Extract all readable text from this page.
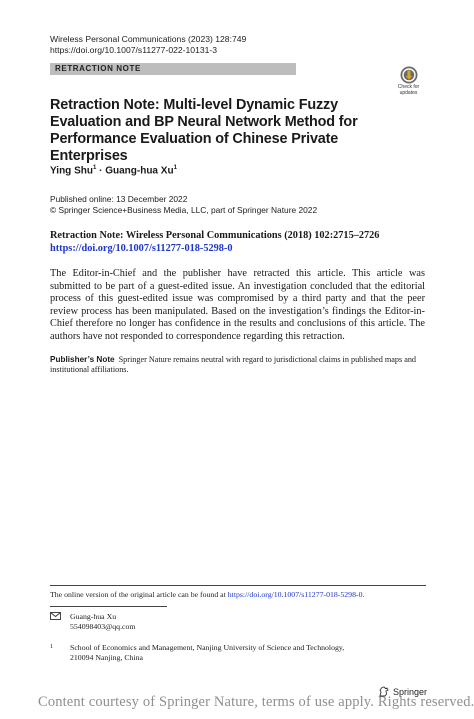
Wireless Personal Communications (2023) 128:749
https://doi.org/10.1007/s11277-022-10131-3
RETRACTION NOTE
Check for
updates
Retraction Note: Multi-level Dynamic Fuzzy Evaluation and BP Neural Network Method for Performance Evaluation of Chinese Private Enterprises
Ying Shu$^1$ · Guang-hua Xu$^1$
Published online: 13 December 2022
© Springer Science+Business Media, LLC, part of Springer Nature 2022
Retraction Note: Wireless Personal Communications (2018) 102:2715–2726
https://doi.org/10.1007/s11277-018-5298-0

The Editor-in-Chief and the publisher have retracted this article. This article was submitted to be part of a guest-edited issue. An investigation concluded that the editorial process of this guest-edited issue was compromised by a third party and that the peer review process has been manipulated. Based on the investigation’s findings the Editor-in-Chief therefore no longer has confidence in the results and conclusions of this article. The authors have not responded to correspondence regarding this retraction.

Publisher’s Note Springer Nature remains neutral with regard to jurisdictional claims in published maps and institutional affiliations.

The online version of the original article can be found at https://doi.org/10.1007/s11277-018-5298-0.
Guang-hua Xu
554098403@qq.com
1	School of Economics and Management, Nanjing University of Science and Technology,
210094 Nanjing, China
Springer
Content courtesy of Springer Nature, terms of use apply. Rights reserved.
